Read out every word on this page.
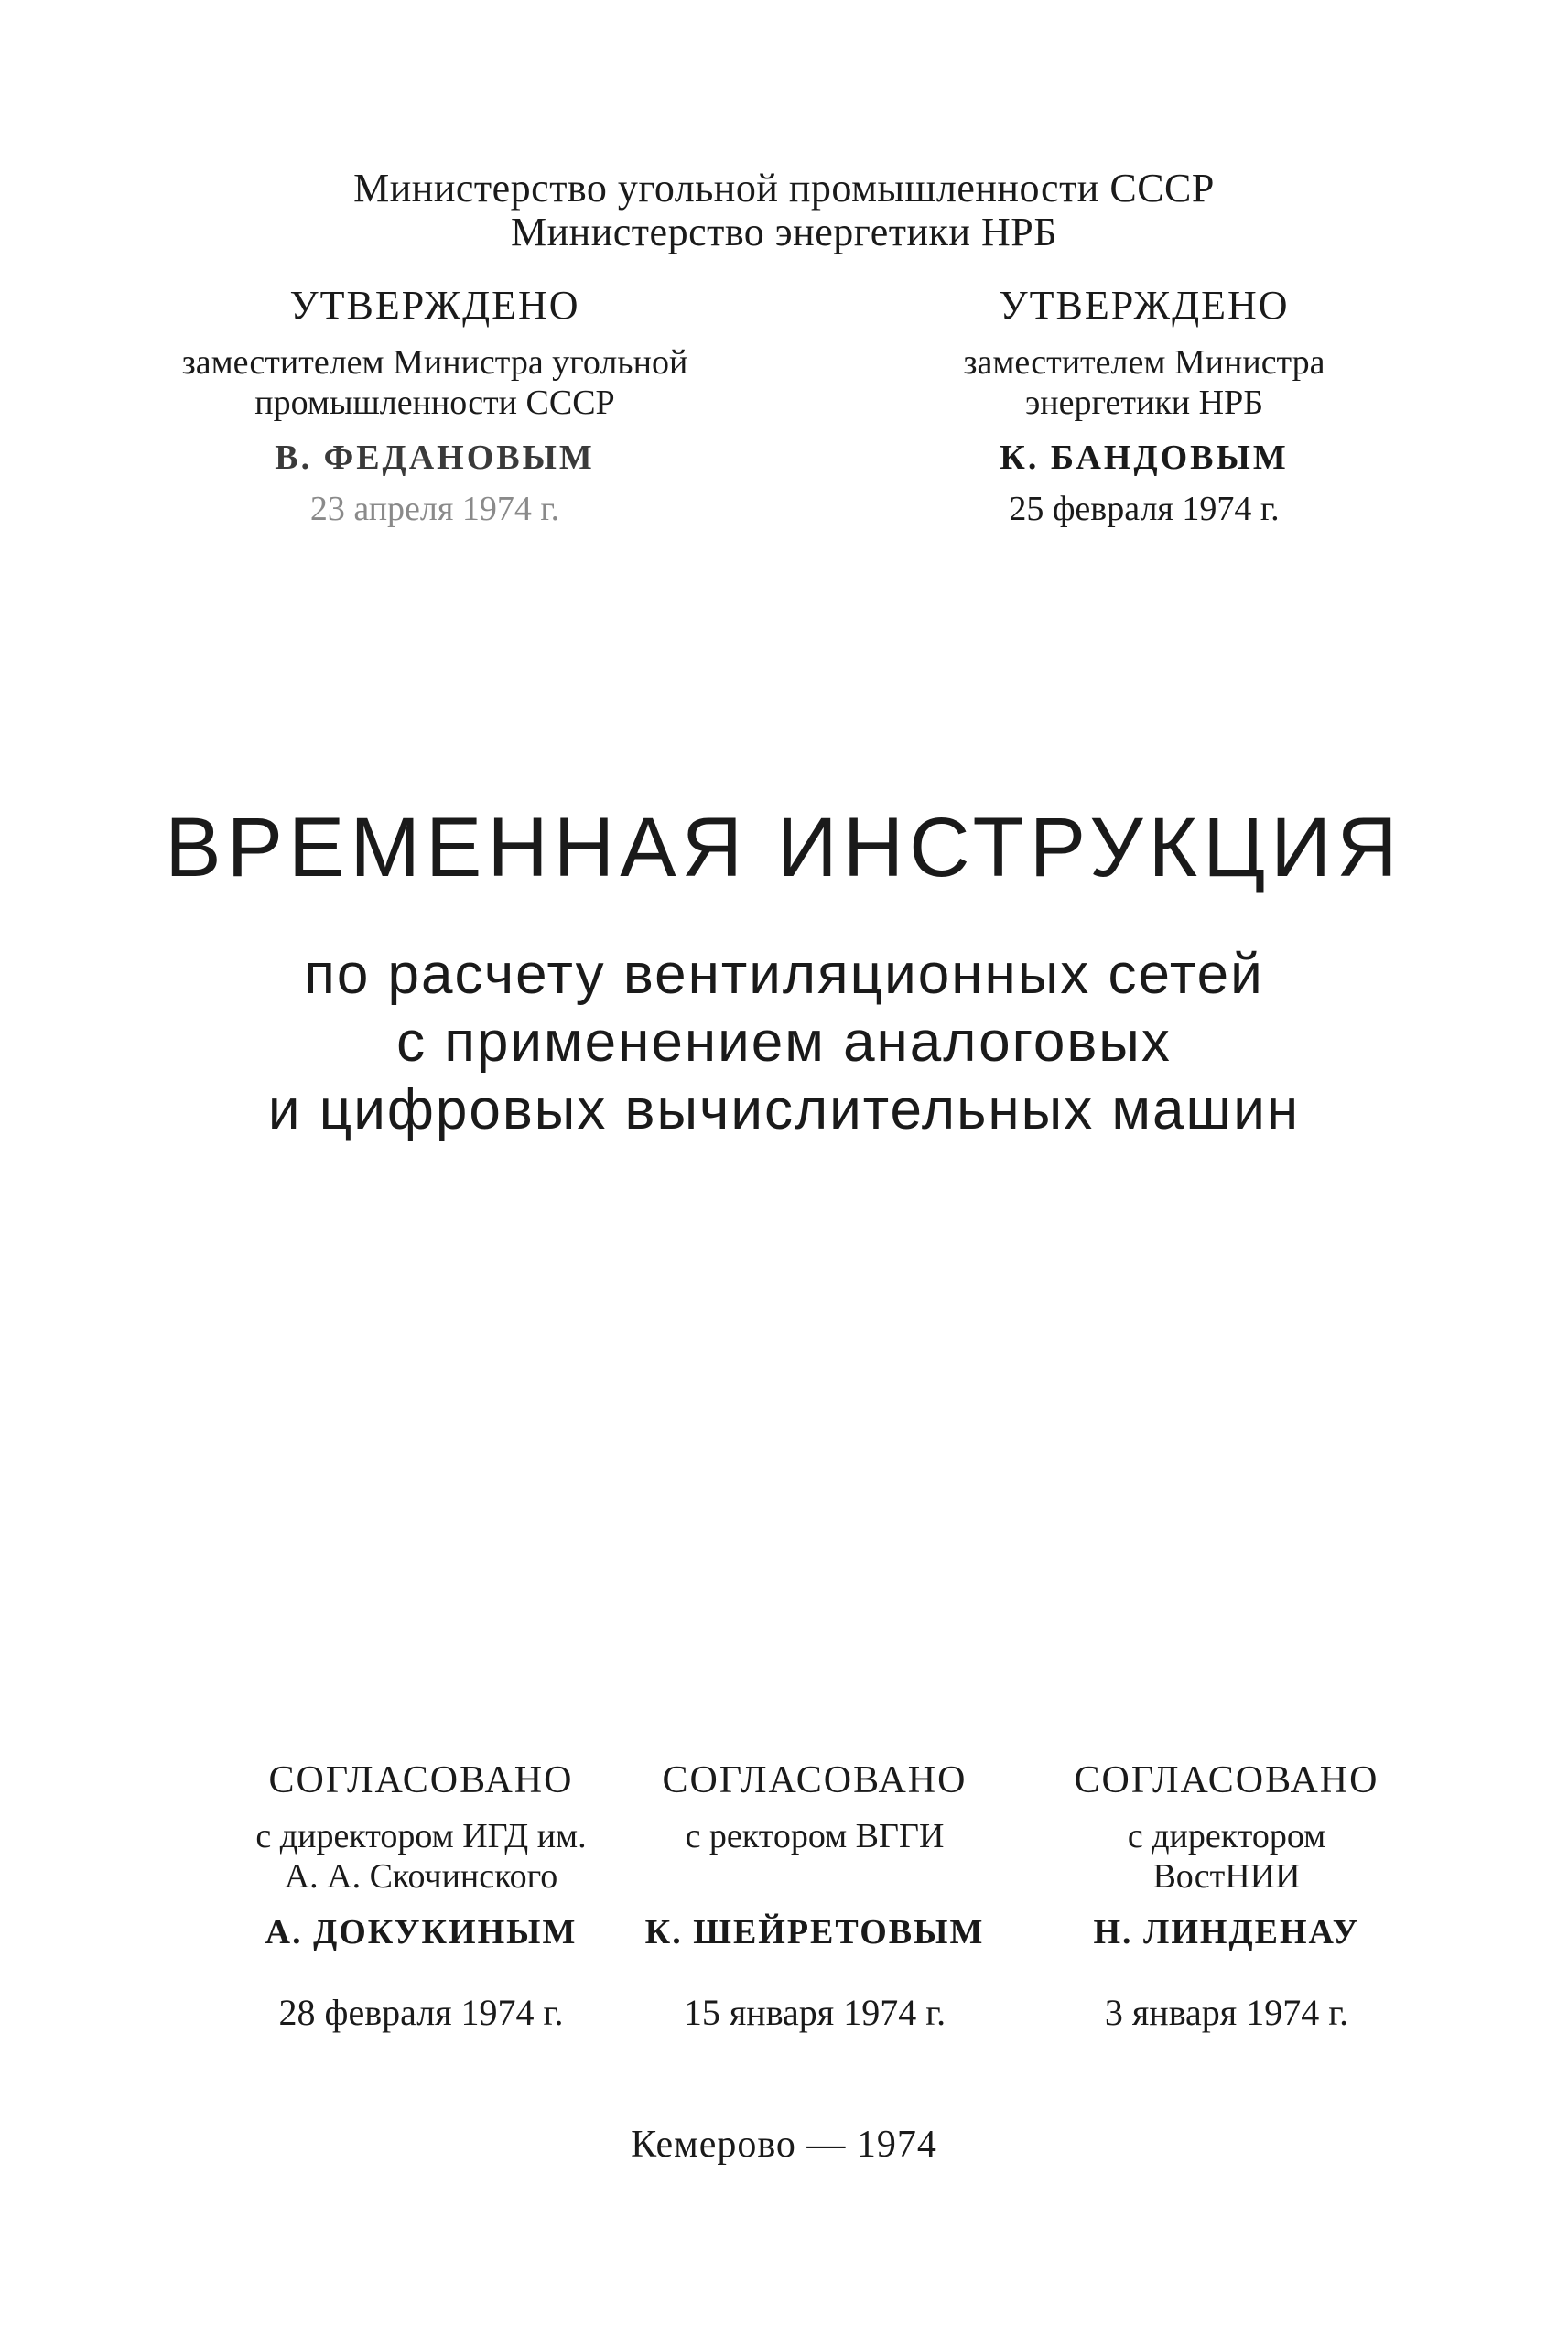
Министерство угольной промышленности СССР
Министерство энергетики НРБ
УТВЕРЖДЕНО
заместителем Министра угольной
промышленности СССР
В. ФЕДАНОВЫМ
23 апреля 1974 г.
УТВЕРЖДЕНО
заместителем Министра
энергетики НРБ
К. БАНДОВЫМ
25 февраля 1974 г.
ВРЕМЕННАЯ ИНСТРУКЦИЯ
по расчету вентиляционных сетей
с применением аналоговых
и цифровых вычислительных машин
СОГЛАСОВАНО
с директором ИГД им.
А. А. Скочинского
А. ДОКУКИНЫМ
28 февраля 1974 г.
СОГЛАСОВАНО
с ректором ВГГИ
К. ШЕЙРЕТОВЫМ
15 января 1974 г.
СОГЛАСОВАНО
с директором
ВостНИИ
Н. ЛИНДЕНАУ
3 января 1974 г.
Кемерово — 1974
